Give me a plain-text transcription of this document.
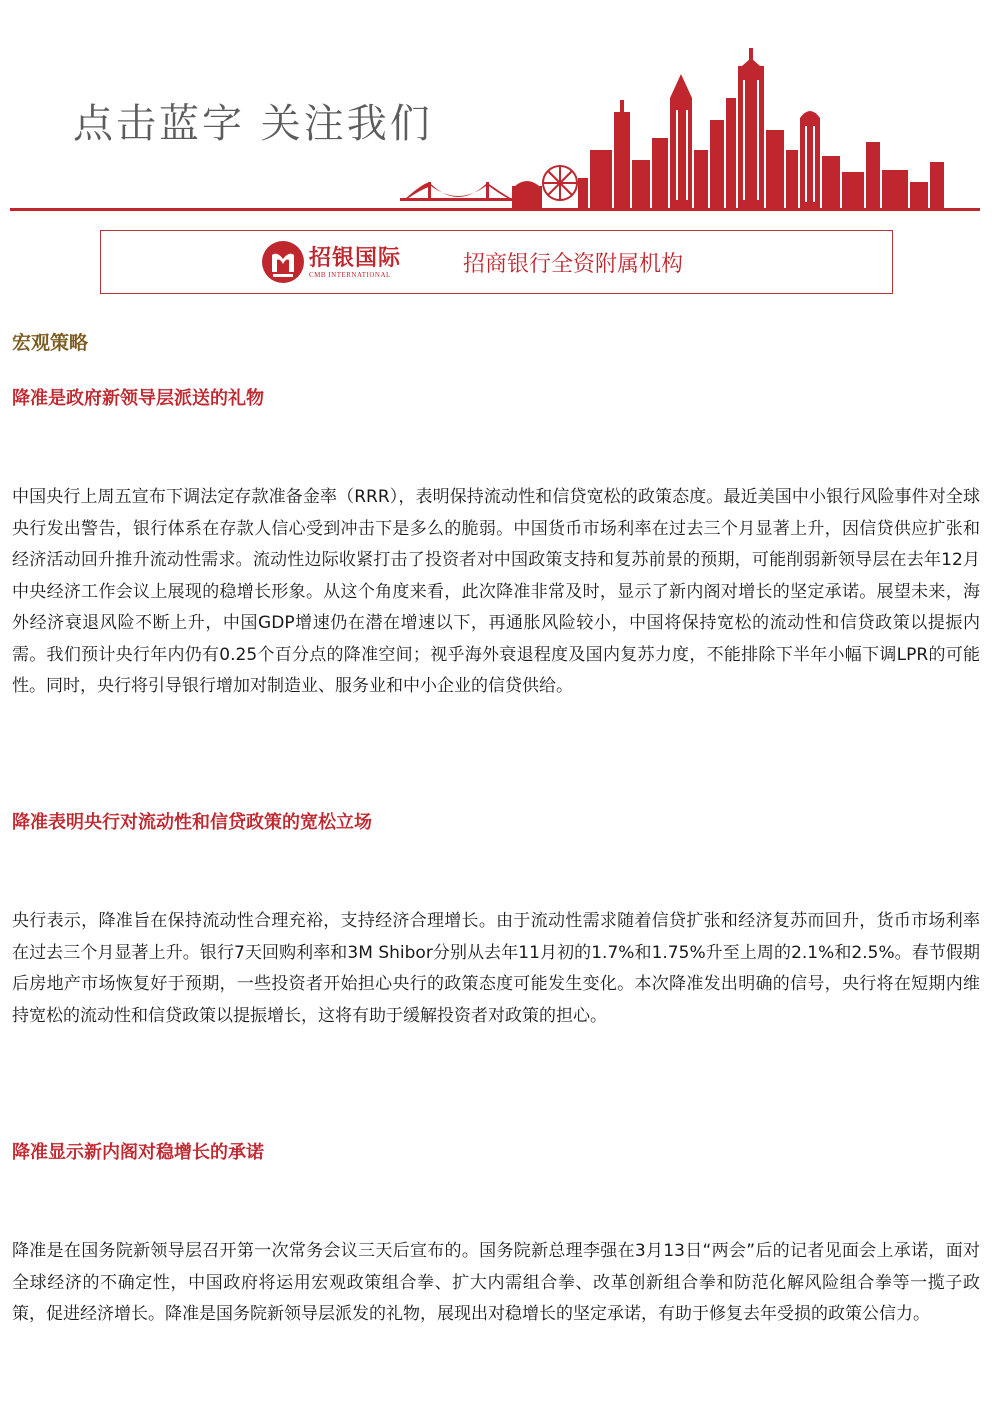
点击蓝字 关注我们
招银国际
CMB INTERNATIONAL	招商银行全资附属机构
宏观策略
降准是政府新领导层派送的礼物

中国央行上周五宣布下调法定存款准备金率（RRR），表明保持流动性和信贷宽松的政策态度。最近美国中小银行风险事件对全球央行发出警告，银行体系在存款人信心受到冲击下是多么的脆弱。中国货币市场利率在过去三个月显著上升，因信贷供应扩张和经济活动回升推升流动性需求。流动性边际收紧打击了投资者对中国政策支持和复苏前景的预期，可能削弱新领导层在去年12月中央经济工作会议上展现的稳增长形象。从这个角度来看，此次降准非常及时，显示了新内阁对增长的坚定承诺。展望未来，海外经济衰退风险不断上升，中国GDP增速仍在潜在增速以下，再通胀风险较小，中国将保持宽松的流动性和信贷政策以提振内需。我们预计央行年内仍有0.25个百分点的降准空间；视乎海外衰退程度及国内复苏力度，不能排除下半年小幅下调LPR的可能性。同时，央行将引导银行增加对制造业、服务业和中小企业的信贷供给。

降准表明央行对流动性和信贷政策的宽松立场

央行表示，降准旨在保持流动性合理充裕，支持经济合理增长。由于流动性需求随着信贷扩张和经济复苏而回升，货币市场利率在过去三个月显著上升。银行7天回购利率和3M Shibor分别从去年11月初的1.7%和1.75%升至上周的2.1%和2.5%。春节假期后房地产市场恢复好于预期，一些投资者开始担心央行的政策态度可能发生变化。本次降准发出明确的信号，央行将在短期内维持宽松的流动性和信贷政策以提振增长，这将有助于缓解投资者对政策的担心。

降准显示新内阁对稳增长的承诺

降准是在国务院新领导层召开第一次常务会议三天后宣布的。国务院新总理李强在3月13日“两会”后的记者见面会上承诺，面对全球经济的不确定性，中国政府将运用宏观政策组合拳、扩大内需组合拳、改革创新组合拳和防范化解风险组合拳等一揽子政策，促进经济增长。降准是国务院新领导层派发的礼物，展现出对稳增长的坚定承诺，有助于修复去年受损的政策公信力。
